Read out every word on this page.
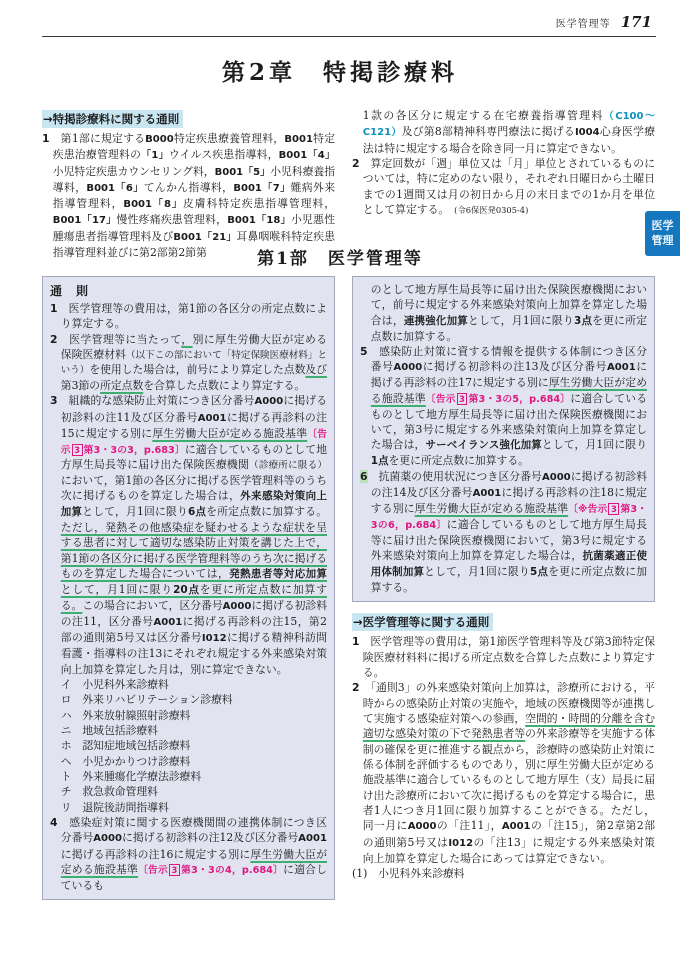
医学管理等 171
第2章　特掲診療料
→特掲診療料に関する通則
1　 第1部に規定するB000特定疾患療養管理料，B001特定疾患治療管理料の「1」ウイルス疾患指導料，B001「4」小児特定疾患カウンセリング料，B001「5」小児科療養指導料，B001「6」てんかん指導料，B001「7」難病外来指導管理料，B001「8」皮膚科特定疾患指導管理料，B001「17」慢性疼痛疾患管理料，B001「18」小児悪性腫瘍患者指導管理料及びB001「21」耳鼻咽喉科特定疾患指導管理料並びに第2部第2節第
1款の各区分に規定する在宅療養指導管理料（C100～C121）及び第8部精神科専門療法に掲げるI004心身医学療法は特に規定する場合を除き同一月に算定できない。
2　 算定回数が「週」単位又は「月」単位とされているものについては，特に定めのない限り，それぞれ日曜日から土曜日までの1週間又は月の初日から月の末日までの1か月を単位として算定する。 (令6保医発0305-4)
第1部　医学管理等
通　則
1　 医学管理等の費用は，第1節の各区分の所定点数により算定する。
2　 医学管理等に当たって，別に厚生労働大臣が定める保険医療材料（以下この部において「特定保険医療材料」という）を使用した場合は，前号により算定した点数及び第3節の所定点数を合算した点数により算定する。
3　 組織的な感染防止対策につき区分番号A000に掲げる初診料の注11及び区分番号A001に掲げる再診料の注15に規定する別に厚生労働大臣が定める施設基準〔告示 3 第3・3の3，p.683〕に適合しているものとして地方厚生局長等に届け出た保険医療機関（診療所に限る）において，第1節の各区分に掲げる医学管理料等のうち次に掲げるものを算定した場合は，外来感染対策向上加算として，月1回に限り6点を所定点数に加算する。ただし，発熱その他感染症を疑わせるような症状を呈する患者に対して適切な感染防止対策を講じた上で，第1節の各区分に掲げる医学管理料等のうち次に掲げるものを算定した場合については，発熱患者等対応加算として，月1回に限り20点を更に所定点数に加算する。この場合において，区分番号A000に掲げる初診料の注11，区分番号A001に掲げる再診料の注15，第2部の通則第5号又は区分番号I012に掲げる精神科訪問看護・指導料の注13にそれぞれ規定する外来感染対策向上加算を算定した月は，別に算定できない。
イ　小児科外来診療料
ロ　外来リハビリテーション診療料
ハ　外来放射線照射診療料
ニ　地域包括診療料
ホ　認知症地域包括診療料
ヘ　小児かかりつけ診療料
ト　外来腫瘍化学療法診療料
チ　救急救命管理料
リ　退院後訪問指導料
4　 感染症対策に関する医療機関間の連携体制につき区分番号A000に掲げる初診料の注12及び区分番号A001に掲げる再診料の注16に規定する別に厚生労働大臣が定める施設基準〔告示 3 第3・3の4，p.684〕に適合しているも
のとして地方厚生局長等に届け出た保険医療機関において，前号に規定する外来感染対策向上加算を算定した場合は，連携強化加算として，月1回に限り3点を更に所定点数に加算する。
5　 感染防止対策に資する情報を提供する体制につき区分番号A000に掲げる初診料の注13及び区分番号A001に掲げる再診料の注17に規定する別に厚生労働大臣が定める施設基準〔告示 3 第3・3の5，p.684〕に適合しているものとして地方厚生局長等に届け出た保険医療機関において，第3号に規定する外来感染対策向上加算を算定した場合は，サーベイランス強化加算として，月1回に限り1点を更に所定点数に加算する。
6　 抗菌薬の使用状況につき区分番号A000に掲げる初診料の注14及び区分番号A001に掲げる再診料の注18に規定する別に厚生労働大臣が定める施設基準〔※告示 3 第3・3の6，p.684〕に適合しているものとして地方厚生局長等に届け出た保険医療機関において，第3号に規定する外来感染対策向上加算を算定した場合は，抗菌薬適正使用体制加算として，月1回に限り5点を更に所定点数に加算する。
→医学管理等に関する通則
1　 医学管理等の費用は，第1節医学管理料等及び第3節特定保険医療材料料に掲げる所定点数を合算した点数により算定する。
2　 「通則3」の外来感染対策向上加算は，診療所における，平時からの感染防止対策の実施や，地域の医療機関等が連携して実施する感染症対策への参画，空間的・時間的分離を含む適切な感染対策の下で発熱患者等の外来診療等を実施する体制の確保を更に推進する観点から，診療時の感染防止対策に係る体制を評価するものであり，別に厚生労働大臣が定める施設基準に適合しているものとして地方厚生（支）局長に届け出た診療所において次に掲げるものを算定する場合に，患者1人につき月1回に限り加算することができる。ただし，同一月にA000の「注11」，A001の「注15」，第2章第2部の通則第5号又はI012の「注13」に規定する外来感染対策向上加算を算定した場合にあっては算定できない。
(1)　小児科外来診療料
医学
管理
